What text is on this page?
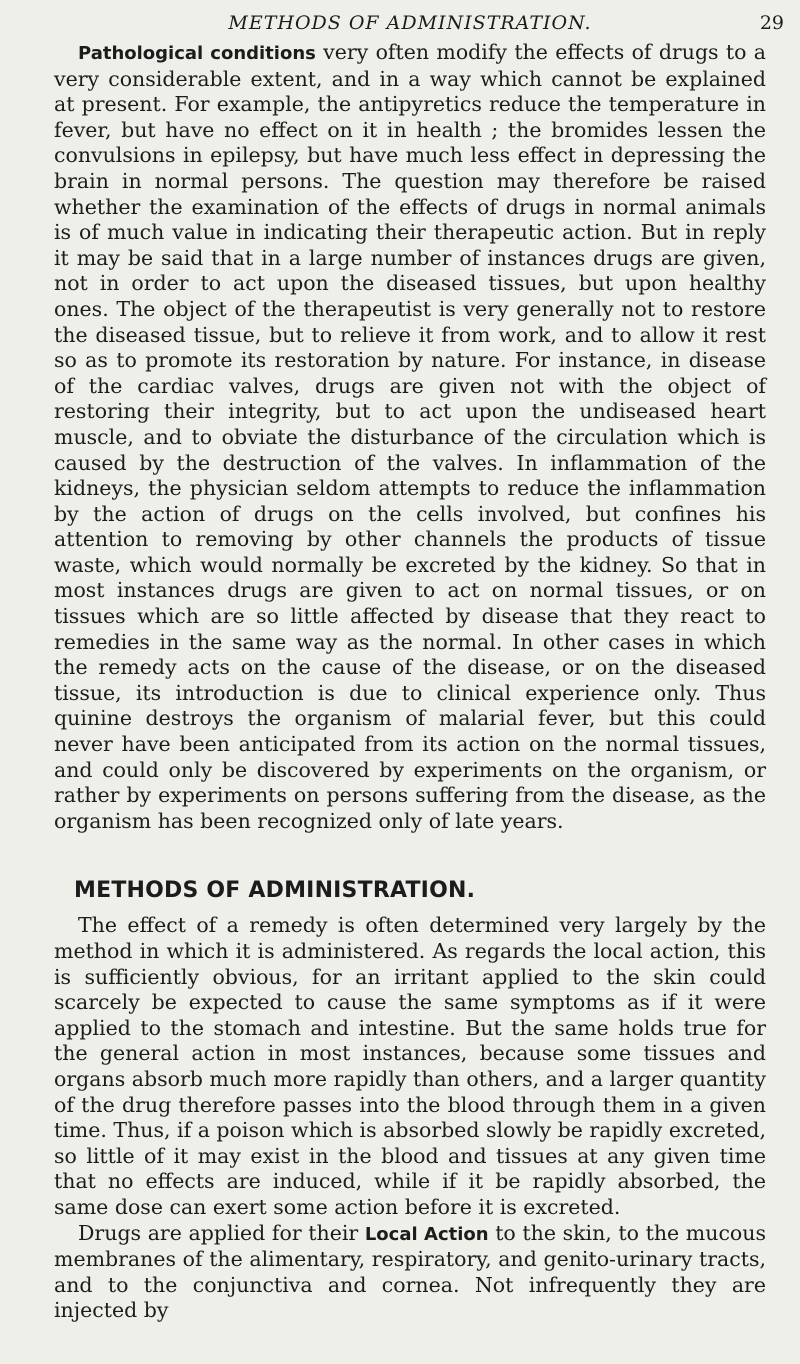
METHODS OF ADMINISTRATION.	29

Pathological conditions very often modify the effects of drugs to a very considerable extent, and in a way which cannot be explained at present. For example, the antipyretics reduce the temperature in fever, but have no effect on it in health ; the bromides lessen the convulsions in epilepsy, but have much less effect in depressing the brain in normal persons. The question may therefore be raised whether the examination of the effects of drugs in normal animals is of much value in indicating their therapeutic action. But in reply it may be said that in a large number of instances drugs are given, not in order to act upon the diseased tissues, but upon healthy ones. The object of the therapeutist is very generally not to restore the diseased tissue, but to relieve it from work, and to allow it rest so as to promote its restoration by nature. For instance, in disease of the cardiac valves, drugs are given not with the object of restoring their integrity, but to act upon the undiseased heart muscle, and to obviate the disturbance of the circulation which is caused by the destruction of the valves. In inflammation of the kidneys, the physician seldom attempts to reduce the inflammation by the action of drugs on the cells involved, but confines his attention to removing by other channels the products of tissue waste, which would normally be excreted by the kidney. So that in most instances drugs are given to act on normal tissues, or on tissues which are so little affected by disease that they react to remedies in the same way as the normal. In other cases in which the remedy acts on the cause of the disease, or on the diseased tissue, its introduction is due to clinical experience only. Thus quinine destroys the organism of malarial fever, but this could never have been anticipated from its action on the normal tissues, and could only be discovered by experiments on the organism, or rather by experiments on persons suffering from the disease, as the organism has been recognized only of late years.

METHODS OF ADMINISTRATION.

The effect of a remedy is often determined very largely by the method in which it is administered. As regards the local action, this is sufficiently obvious, for an irritant applied to the skin could scarcely be expected to cause the same symptoms as if it were applied to the stomach and intestine. But the same holds true for the general action in most instances, because some tissues and organs absorb much more rapidly than others, and a larger quantity of the drug therefore passes into the blood through them in a given time. Thus, if a poison which is absorbed slowly be rapidly excreted, so little of it may exist in the blood and tissues at any given time that no effects are induced, while if it be rapidly absorbed, the same dose can exert some action before it is excreted.

Drugs are applied for their Local Action to the skin, to the mucous membranes of the alimentary, respiratory, and genito-urinary tracts, and to the conjunctiva and cornea. Not infrequently they are injected by
